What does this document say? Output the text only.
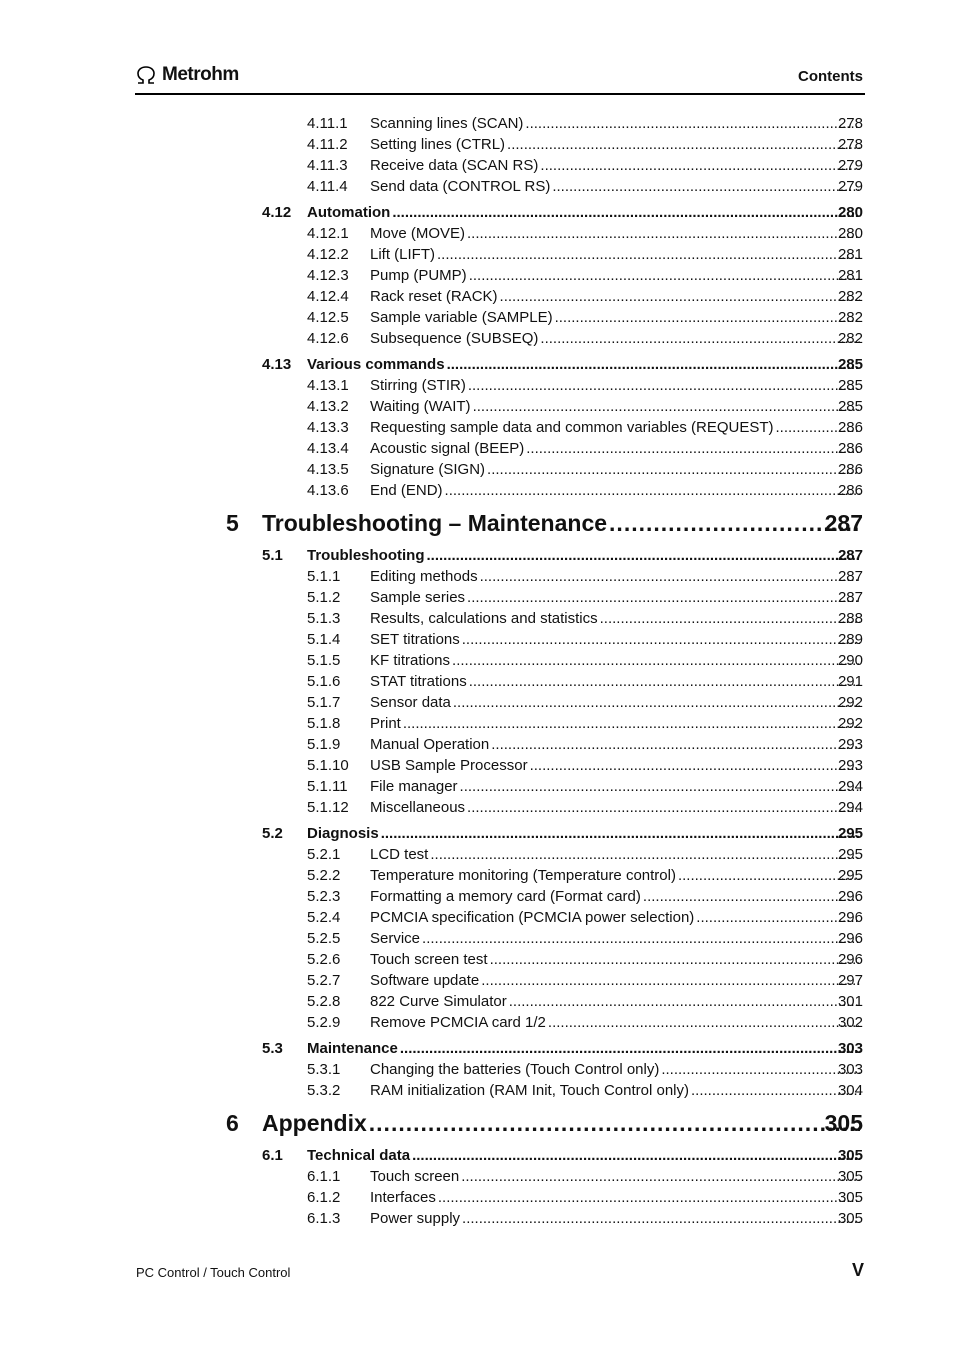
Metrohm	Contents
4.11.1 Scanning lines (SCAN) .....	278
4.11.2 Setting lines (CTRL) .....	278
4.11.3 Receive data (SCAN RS) .....	279
4.11.4 Send data (CONTROL RS) .....	279
4.12 Automation .....	280
4.12.1 Move (MOVE) .....	280
4.12.2 Lift (LIFT) .....	281
4.12.3 Pump (PUMP) .....	281
4.12.4 Rack reset (RACK) .....	282
4.12.5 Sample variable (SAMPLE) .....	282
4.12.6 Subsequence (SUBSEQ) .....	282
4.13 Various commands .....	285
4.13.1 Stirring (STIR) .....	285
4.13.2 Waiting (WAIT) .....	285
4.13.3 Requesting sample data and common variables (REQUEST) .....	286
4.13.4 Acoustic signal (BEEP) .....	286
4.13.5 Signature (SIGN) .....	286
4.13.6 End (END) .....	286
5 Troubleshooting – Maintenance .....	287
5.1 Troubleshooting .....	287
5.1.1 Editing methods .....	287
5.1.2 Sample series .....	287
5.1.3 Results, calculations and statistics .....	288
5.1.4 SET titrations .....	289
5.1.5 KF titrations .....	290
5.1.6 STAT titrations .....	291
5.1.7 Sensor data .....	292
5.1.8 Print .....	292
5.1.9 Manual Operation .....	293
5.1.10 USB Sample Processor .....	293
5.1.11 File manager .....	294
5.1.12 Miscellaneous .....	294
5.2 Diagnosis .....	295
5.2.1 LCD test .....	295
5.2.2 Temperature monitoring (Temperature control) .....	295
5.2.3 Formatting a memory card (Format card) .....	296
5.2.4 PCMCIA specification (PCMCIA power selection) .....	296
5.2.5 Service .....	296
5.2.6 Touch screen test .....	296
5.2.7 Software update .....	297
5.2.8 822 Curve Simulator .....	301
5.2.9 Remove PCMCIA card 1/2 .....	302
5.3 Maintenance .....	303
5.3.1 Changing the batteries (Touch Control only) .....	303
5.3.2 RAM initialization (RAM Init, Touch Control only) .....	304
6 Appendix .....	305
6.1 Technical data .....	305
6.1.1 Touch screen .....	305
6.1.2 Interfaces .....	305
6.1.3 Power supply .....	305
PC Control / Touch Control	V
